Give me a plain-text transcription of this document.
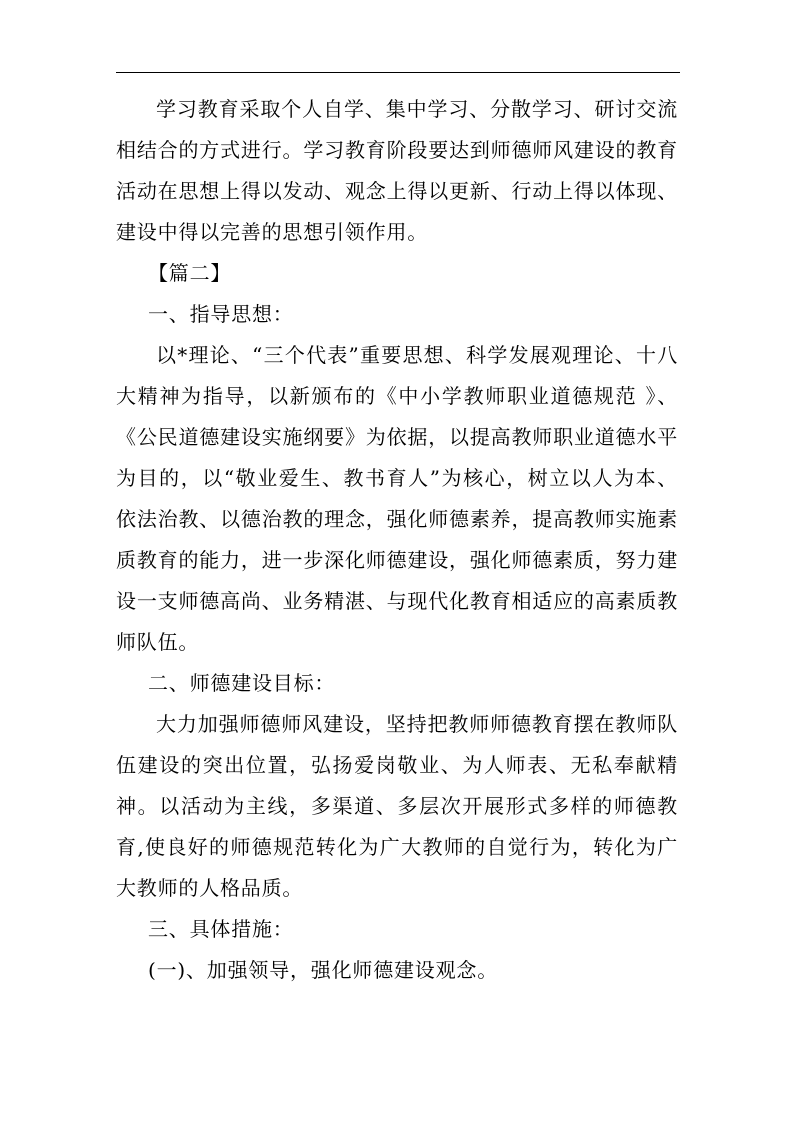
学习教育采取个人自学、集中学习、分散学习、研讨交流相结合的方式进行。学习教育阶段要达到师德师风建设的教育活动在思想上得以发动、观念上得以更新、行动上得以体现、建设中得以完善的思想引领作用。

【篇二】

一、指导思想：

以*理论、“三个代表”重要思想、科学发展观理论、十八大精神为指导，以新颁布的《中小学教师职业道德规范 》、《公民道德建设实施纲要》为依据，以提高教师职业道德水平为目的，以“敬业爱生、教书育人”为核心，树立以人为本、依法治教、以德治教的理念，强化师德素养，提高教师实施素质教育的能力，进一步深化师德建设，强化师德素质，努力建设一支师德高尚、业务精湛、与现代化教育相适应的高素质教师队伍。

二、师德建设目标：

大力加强师德师风建设，坚持把教师师德教育摆在教师队伍建设的突出位置，弘扬爱岗敬业、为人师表、无私奉献精神。以活动为主线，多渠道、多层次开展形式多样的师德教育,使良好的师德规范转化为广大教师的自觉行为，转化为广大教师的人格品质。

三、具体措施：

(一)、加强领导，强化师德建设观念。
